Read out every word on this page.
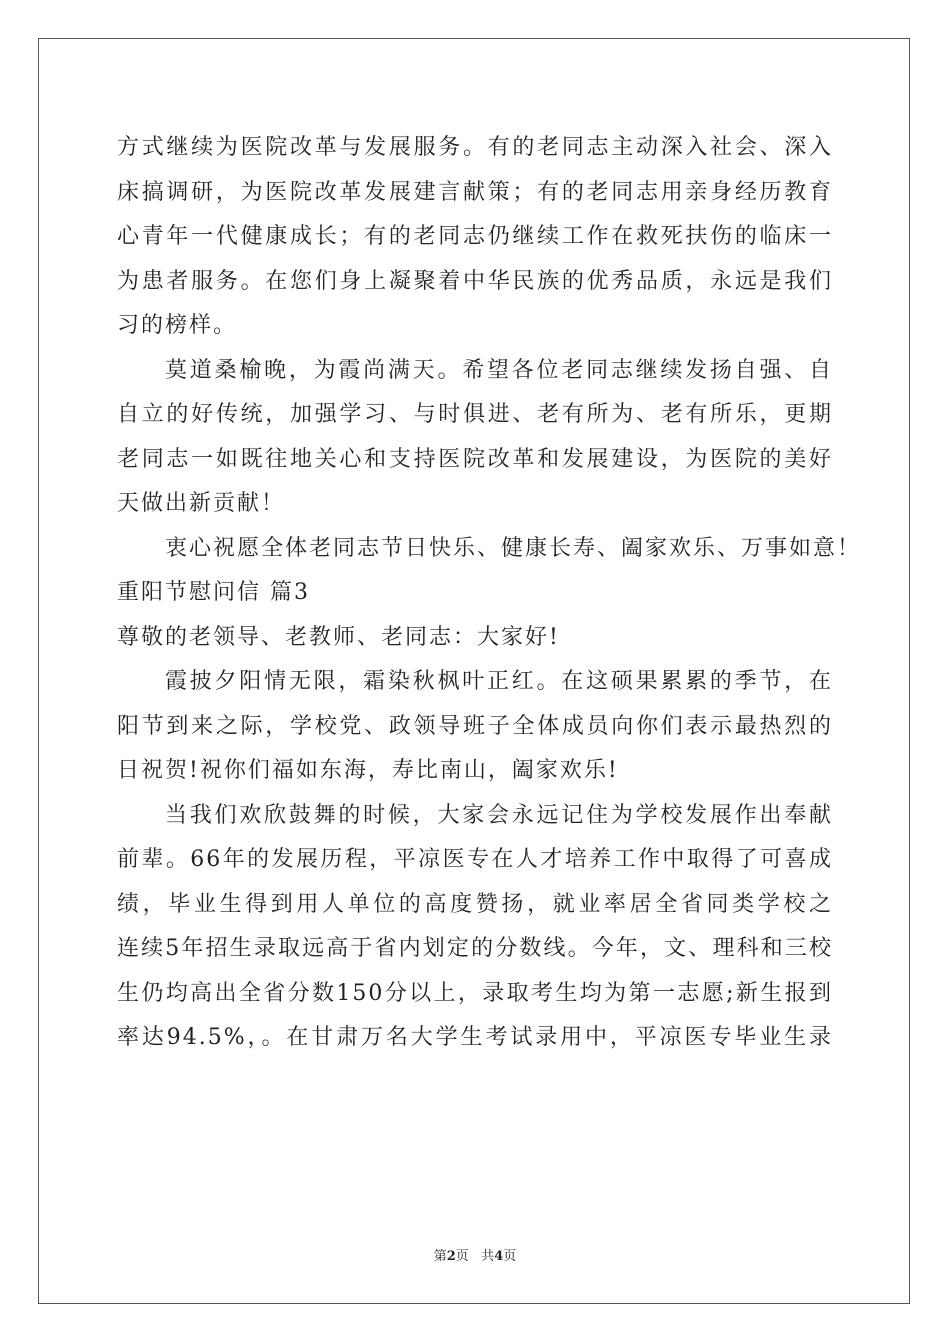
方式继续为医院改革与发展服务。有的老同志主动深入社会、深入
床搞调研，为医院改革发展建言献策；有的老同志用亲身经历教育
心青年一代健康成长；有的老同志仍继续工作在救死扶伤的临床一
为患者服务。在您们身上凝聚着中华民族的优秀品质，永远是我们
习的榜样。
莫道桑榆晚，为霞尚满天。希望各位老同志继续发扬自强、自
自立的好传统，加强学习、与时俱进、老有所为、老有所乐，更期
老同志一如既往地关心和支持医院改革和发展建设，为医院的美好
天做出新贡献！
衷心祝愿全体老同志节日快乐、健康长寿、阖家欢乐、万事如意！
重阳节慰问信 篇3
尊敬的老领导、老教师、老同志：大家好!
霞披夕阳情无限，霜染秋枫叶正红。在这硕果累累的季节，在
阳节到来之际，学校党、政领导班子全体成员向你们表示最热烈的
日祝贺!祝你们福如东海，寿比南山，阖家欢乐!
当我们欢欣鼓舞的时候，大家会永远记住为学校发展作出奉献
前辈。66年的发展历程，平凉医专在人才培养工作中取得了可喜成
绩，毕业生得到用人单位的高度赞扬，就业率居全省同类学校之
连续5年招生录取远高于省内划定的分数线。今年，文、理科和三校
生仍均高出全省分数150分以上，录取考生均为第一志愿;新生报到
率达94.5%，。在甘肃万名大学生考试录用中，平凉医专毕业生录
第2页 共4页
